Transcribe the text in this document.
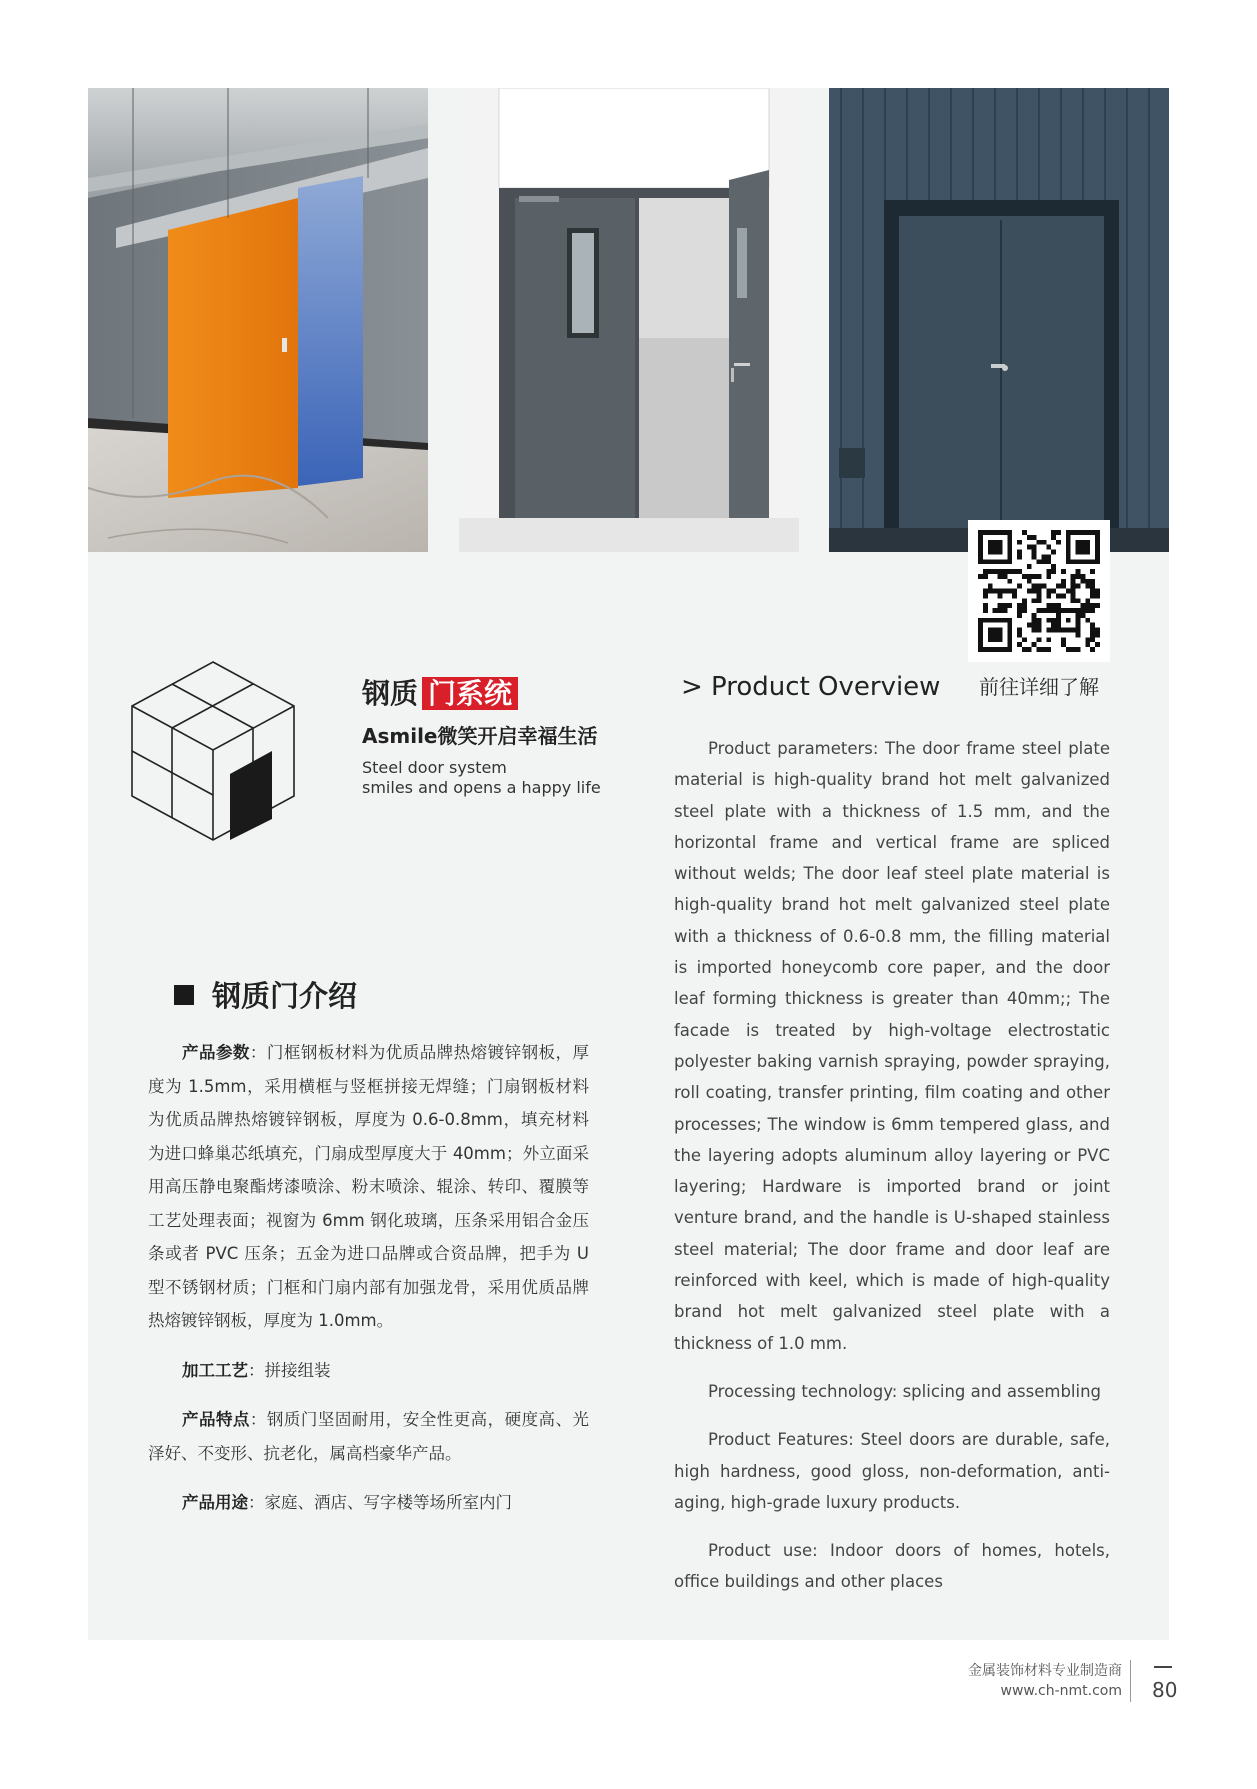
前往详细了解
钢质 门系统
Asmile微笑开启幸福生活
Steel door system
smiles and opens a happy life
钢质门介绍

产品参数：门框钢板材料为优质品牌热熔镀锌钢板，厚度为 1.5mm，采用横框与竖框拼接无焊缝；门扇钢板材料为优质品牌热熔镀锌钢板，厚度为 0.6-0.8mm，填充材料为进口蜂巢芯纸填充，门扇成型厚度大于 40mm；外立面采用高压静电聚酯烤漆喷涂、粉末喷涂、辊涂、转印、覆膜等工艺处理表面；视窗为 6mm 钢化玻璃，压条采用铝合金压条或者 PVC 压条；五金为进口品牌或合资品牌，把手为 U 型不锈钢材质；门框和门扇内部有加强龙骨，采用优质品牌热熔镀锌钢板，厚度为 1.0mm。

加工工艺：拼接组装

产品特点：钢质门坚固耐用，安全性更高，硬度高、光泽好、不变形、抗老化，属高档豪华产品。

产品用途：家庭、酒店、写字楼等场所室内门

> Product Overview

Product parameters: The door frame steel plate material is high-quality brand hot melt galvanized steel plate with a thickness of 1.5 mm, and the horizontal frame and vertical frame are spliced without welds; The door leaf steel plate material is high-quality brand hot melt galvanized steel plate with a thickness of 0.6-0.8 mm, the filling material is imported honeycomb core paper, and the door leaf forming thickness is greater than 40mm;; The facade is treated by high-voltage electrostatic polyester baking varnish spraying, powder spraying, roll coating, transfer printing, film coating and other processes; The window is 6mm tempered glass, and the layering adopts aluminum alloy layering or PVC layering; Hardware is imported brand or joint venture brand, and the handle is U-shaped stainless steel material; The door frame and door leaf are reinforced with keel, which is made of high-quality brand hot melt galvanized steel plate with a thickness of 1.0 mm.

Processing technology: splicing and assembling

Product Features: Steel doors are durable, safe, high hardness, good gloss, non-deformation, anti-aging, high-grade luxury products.

Product use: Indoor doors of homes, hotels, office buildings and other places

金属装饰材料专业制造商
www.ch-nmt.com 80
